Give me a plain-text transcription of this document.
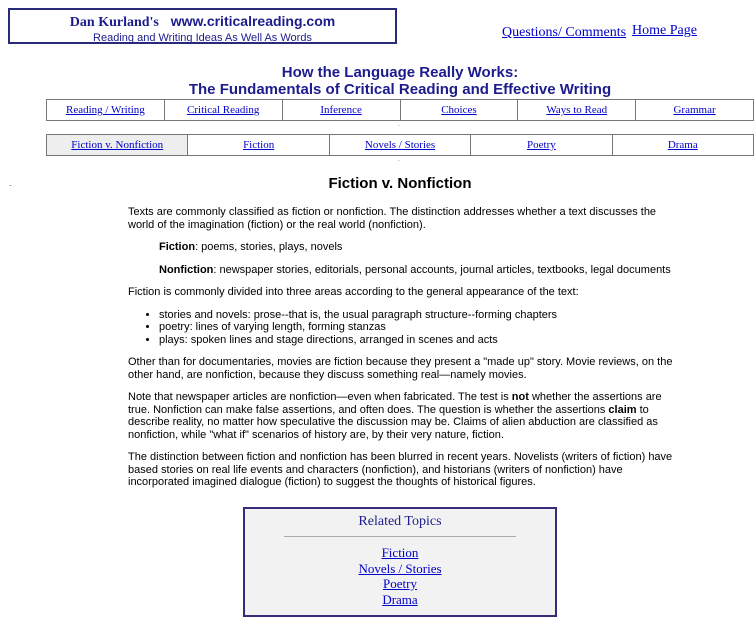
Dan Kurland's www.criticalreading.com
Reading and Writing Ideas As Well As Words	Questions/ Comments Home Page
How the Language Really Works:
The Fundamentals of Critical Reading and Effective Writing
Reading / Writing	Critical Reading	Inference	Choices	Ways to Read	Grammar
.
Fiction v. Nonfiction	Fiction	Novels / Stories	Poetry	Drama
.
.	Fiction v. Nonfiction

Texts are commonly classified as fiction or nonfiction. The distinction addresses whether a text discusses the world of the imagination (fiction) or the real world (nonfiction).

Fiction: poems, stories, plays, novels

Nonfiction: newspaper stories, editorials, personal accounts, journal articles, textbooks, legal documents

Fiction is commonly divided into three areas according to the general appearance of the text:

• stories and novels: prose--that is, the usual paragraph structure--forming chapters
• poetry: lines of varying length, forming stanzas
• plays: spoken lines and stage directions, arranged in scenes and acts

Other than for documentaries, movies are fiction because they present a "made up" story. Movie reviews, on the other hand, are nonfiction, because they discuss something real—namely movies.

Note that newspaper articles are nonfiction—even when fabricated. The test is not whether the assertions are true. Nonfiction can make false assertions, and often does. The question is whether the assertions claim to describe reality, no matter how speculative the discussion may be. Claims of alien abduction are classified as nonfiction, while "what if" scenarios of history are, by their very nature, fiction.

The distinction between fiction and nonfiction has been blurred in recent years. Novelists (writers of fiction) have based stories on real life events and characters (nonfiction), and historians (writers of nonfiction) have incorporated imagined dialogue (fiction) to suggest the thoughts of historical figures.

Related Topics
Fiction
Novels / Stories
Poetry
Drama
